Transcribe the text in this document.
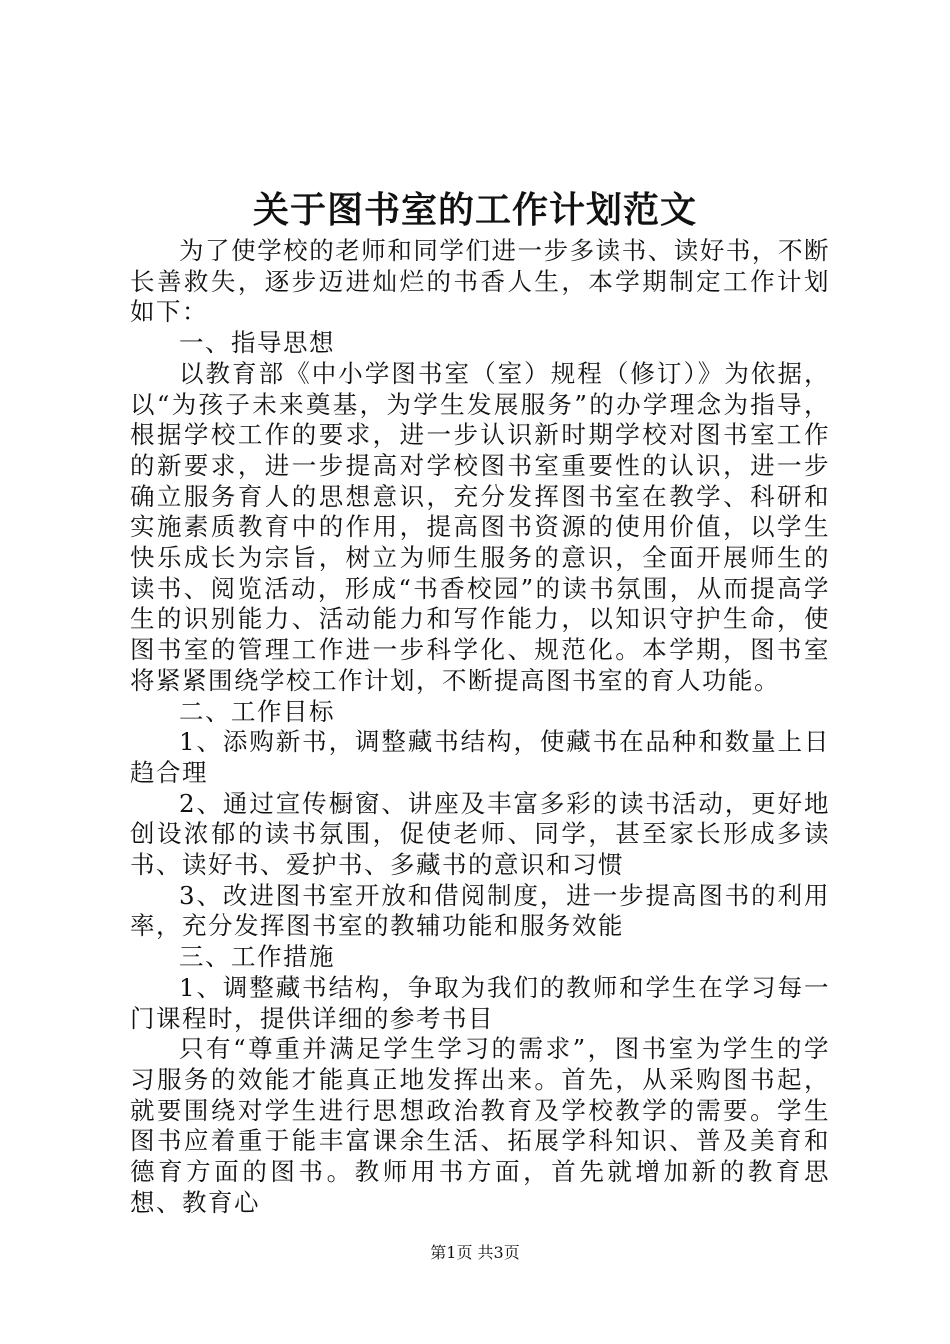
关于图书室的工作计划范文

为了使学校的老师和同学们进一步多读书、读好书，不断长善救失，逐步迈进灿烂的书香人生，本学期制定工作计划如下：

一、指导思想

以教育部《中小学图书室（室）规程（修订）》为依据，以“为孩子未来奠基，为学生发展服务”的办学理念为指导，根据学校工作的要求，进一步认识新时期学校对图书室工作的新要求，进一步提高对学校图书室重要性的认识，进一步确立服务育人的思想意识，充分发挥图书室在教学、科研和实施素质教育中的作用，提高图书资源的使用价值，以学生快乐成长为宗旨，树立为师生服务的意识，全面开展师生的读书、阅览活动，形成“书香校园”的读书氛围，从而提高学生的识别能力、活动能力和写作能力，以知识守护生命，使图书室的管理工作进一步科学化、规范化。本学期，图书室将紧紧围绕学校工作计划，不断提高图书室的育人功能。

二、工作目标

1、添购新书，调整藏书结构，使藏书在品种和数量上日趋合理

2、通过宣传橱窗、讲座及丰富多彩的读书活动，更好地创设浓郁的读书氛围，促使老师、同学，甚至家长形成多读书、读好书、爱护书、多藏书的意识和习惯

3、改进图书室开放和借阅制度，进一步提高图书的利用率，充分发挥图书室的教辅功能和服务效能

三、工作措施

1、调整藏书结构，争取为我们的教师和学生在学习每一门课程时，提供详细的参考书目

只有“尊重并满足学生学习的需求”，图书室为学生的学习服务的效能才能真正地发挥出来。首先，从采购图书起，就要围绕对学生进行思想政治教育及学校教学的需要。学生图书应着重于能丰富课余生活、拓展学科知识、普及美育和德育方面的图书。教师用书方面，首先就增加新的教育思想、教育心

第1页 共3页
